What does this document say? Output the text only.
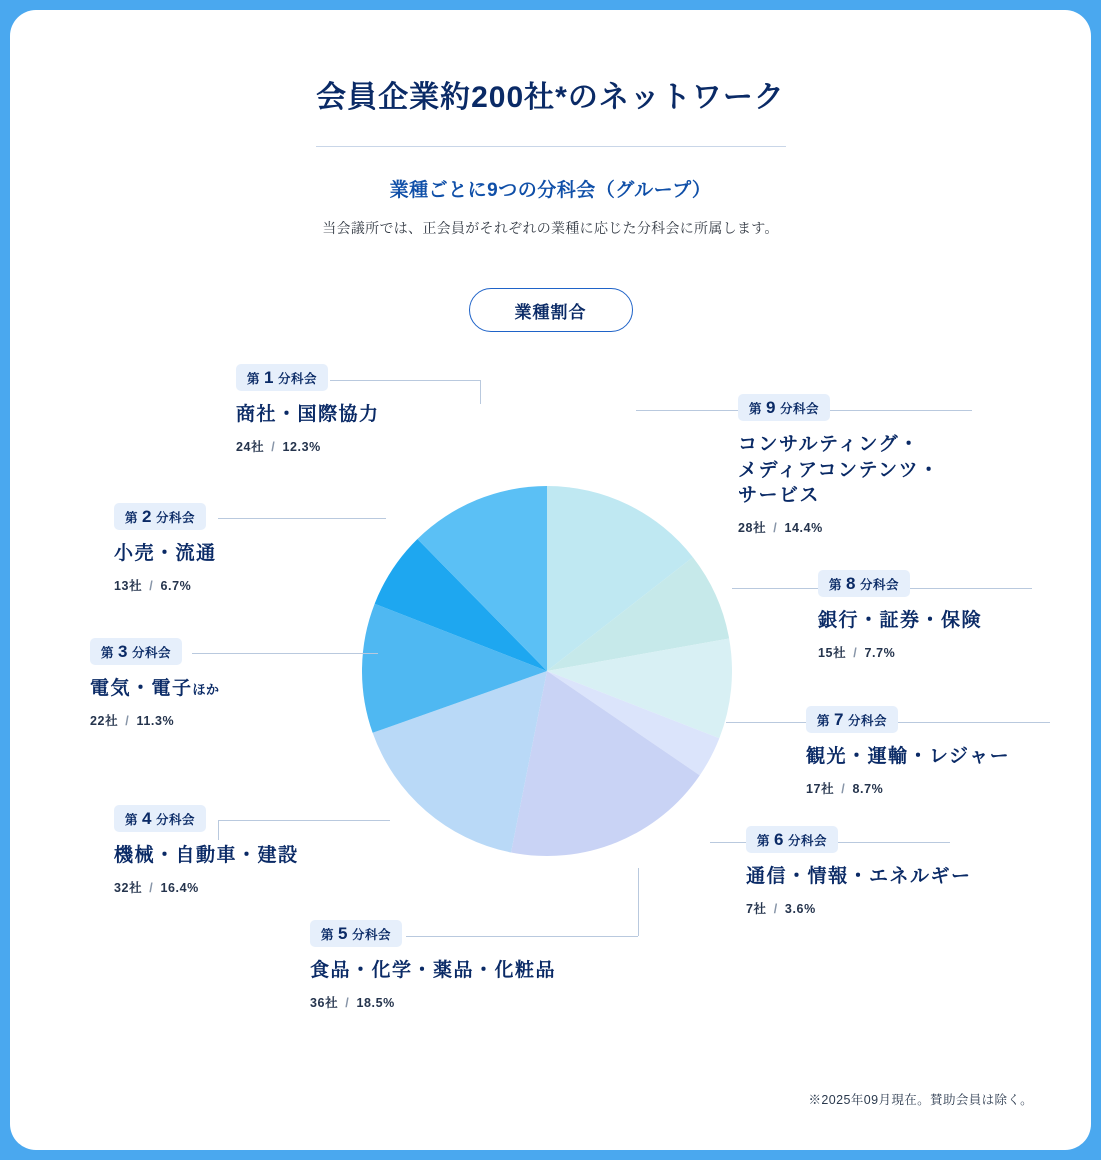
会員企業約200社*のネットワーク
業種ごとに9つの分科会（グループ）

当会議所では、正会員がそれぞれの業種に応じた分科会に所属します。

業種割合
第 1 分科会
商社・国際協力
24社 / 12.3%
第 2 分科会
小売・流通
13社 / 6.7%
第 3 分科会
電気・電子ほか
22社 / 11.3%
第 4 分科会
機械・自動車・建設
32社 / 16.4%
第 5 分科会
食品・化学・薬品・化粧品
36社 / 18.5%
第 6 分科会
通信・情報・エネルギー
7社 / 3.6%
第 7 分科会
観光・運輸・レジャー
17社 / 8.7%
第 8 分科会
銀行・証券・保険
15社 / 7.7%
第 9 分科会
コンサルティング・
メディアコンテンツ・
サービス
28社 / 14.4%
※2025年09月現在。賛助会員は除く。
